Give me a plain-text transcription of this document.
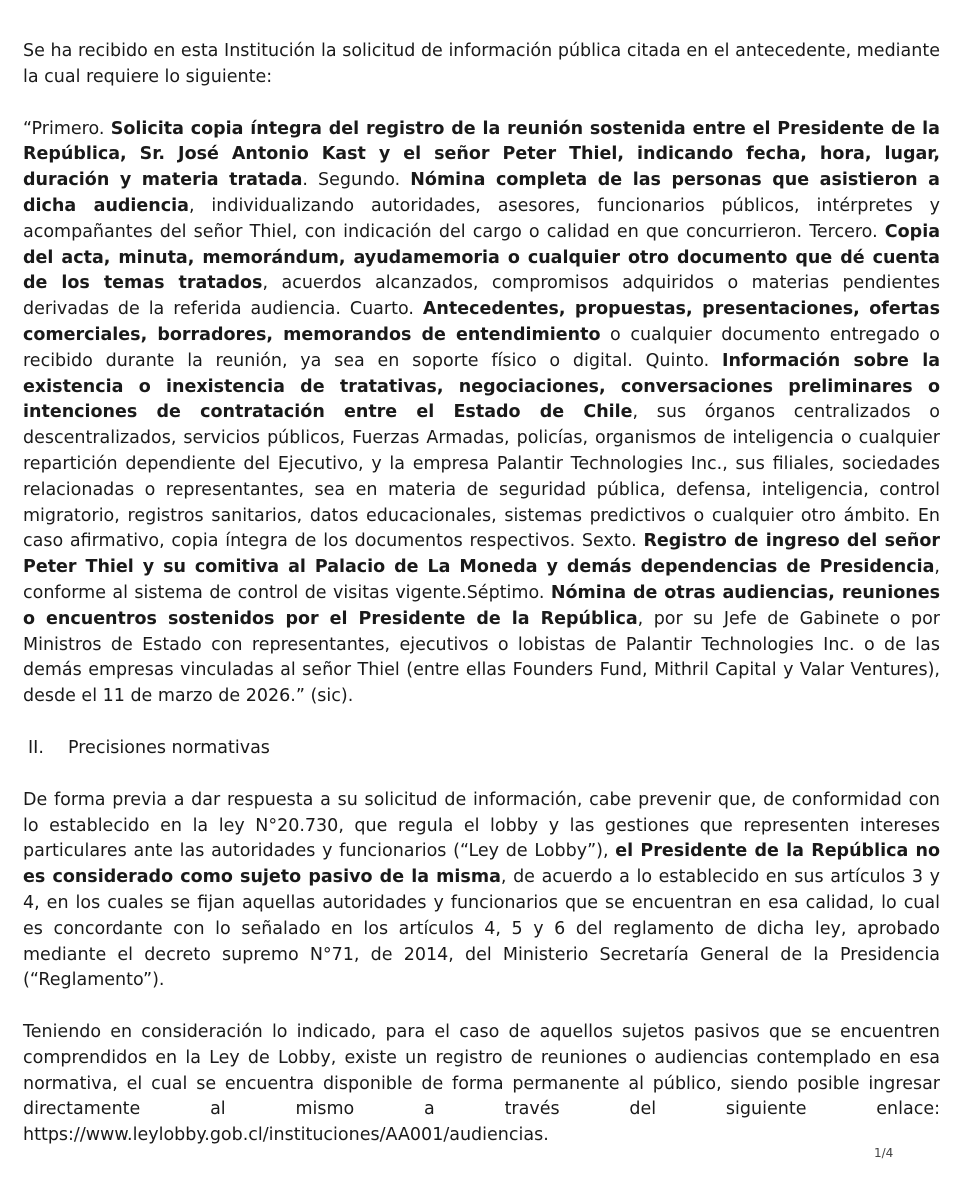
Se ha recibido en esta Institución la solicitud de información pública citada en el antecedente, mediante la cual requiere lo siguiente:

“Primero. Solicita copia íntegra del registro de la reunión sostenida entre el Presidente de la República, Sr. José Antonio Kast y el señor Peter Thiel, indicando fecha, hora, lugar, duración y materia tratada. Segundo. Nómina completa de las personas que asistieron a dicha audiencia, individualizando autoridades, asesores, funcionarios públicos, intérpretes y acompañantes del señor Thiel, con indicación del cargo o calidad en que concurrieron. Tercero. Copia del acta, minuta, memorándum, ayudamemoria o cualquier otro documento que dé cuenta de los temas tratados, acuerdos alcanzados, compromisos adquiridos o materias pendientes derivadas de la referida audiencia. Cuarto. Antecedentes, propuestas, presentaciones, ofertas comerciales, borradores, memorandos de entendimiento o cualquier documento entregado o recibido durante la reunión, ya sea en soporte físico o digital. Quinto. Información sobre la existencia o inexistencia de tratativas, negociaciones, conversaciones preliminares o intenciones de contratación entre el Estado de Chile, sus órganos centralizados o descentralizados, servicios públicos, Fuerzas Armadas, policías, organismos de inteligencia o cualquier repartición dependiente del Ejecutivo, y la empresa Palantir Technologies Inc., sus filiales, sociedades relacionadas o representantes, sea en materia de seguridad pública, defensa, inteligencia, control migratorio, registros sanitarios, datos educacionales, sistemas predictivos o cualquier otro ámbito. En caso afirmativo, copia íntegra de los documentos respectivos. Sexto. Registro de ingreso del señor Peter Thiel y su comitiva al Palacio de La Moneda y demás dependencias de Presidencia, conforme al sistema de control de visitas vigente.Séptimo. Nómina de otras audiencias, reuniones o encuentros sostenidos por el Presidente de la República, por su Jefe de Gabinete o por Ministros de Estado con representantes, ejecutivos o lobistas de Palantir Technologies Inc. o de las demás empresas vinculadas al señor Thiel (entre ellas Founders Fund, Mithril Capital y Valar Ventures), desde el 11 de marzo de 2026.” (sic).

II. Precisiones normativas

De forma previa a dar respuesta a su solicitud de información, cabe prevenir que, de conformidad con lo establecido en la ley N°20.730, que regula el lobby y las gestiones que representen intereses particulares ante las autoridades y funcionarios (“Ley de Lobby”), el Presidente de la República no es considerado como sujeto pasivo de la misma, de acuerdo a lo establecido en sus artículos 3 y 4, en los cuales se fijan aquellas autoridades y funcionarios que se encuentran en esa calidad, lo cual es concordante con lo señalado en los artículos 4, 5 y 6 del reglamento de dicha ley, aprobado mediante el decreto supremo N°71, de 2014, del Ministerio Secretaría General de la Presidencia (“Reglamento”).

Teniendo en consideración lo indicado, para el caso de aquellos sujetos pasivos que se encuentren comprendidos en la Ley de Lobby, existe un registro de reuniones o audiencias contemplado en esa normativa, el cual se encuentra disponible de forma permanente al público, siendo posible ingresar directamente al mismo a través del siguiente enlace:

https://www.leylobby.gob.cl/instituciones/AA001/audiencias.

1/4
